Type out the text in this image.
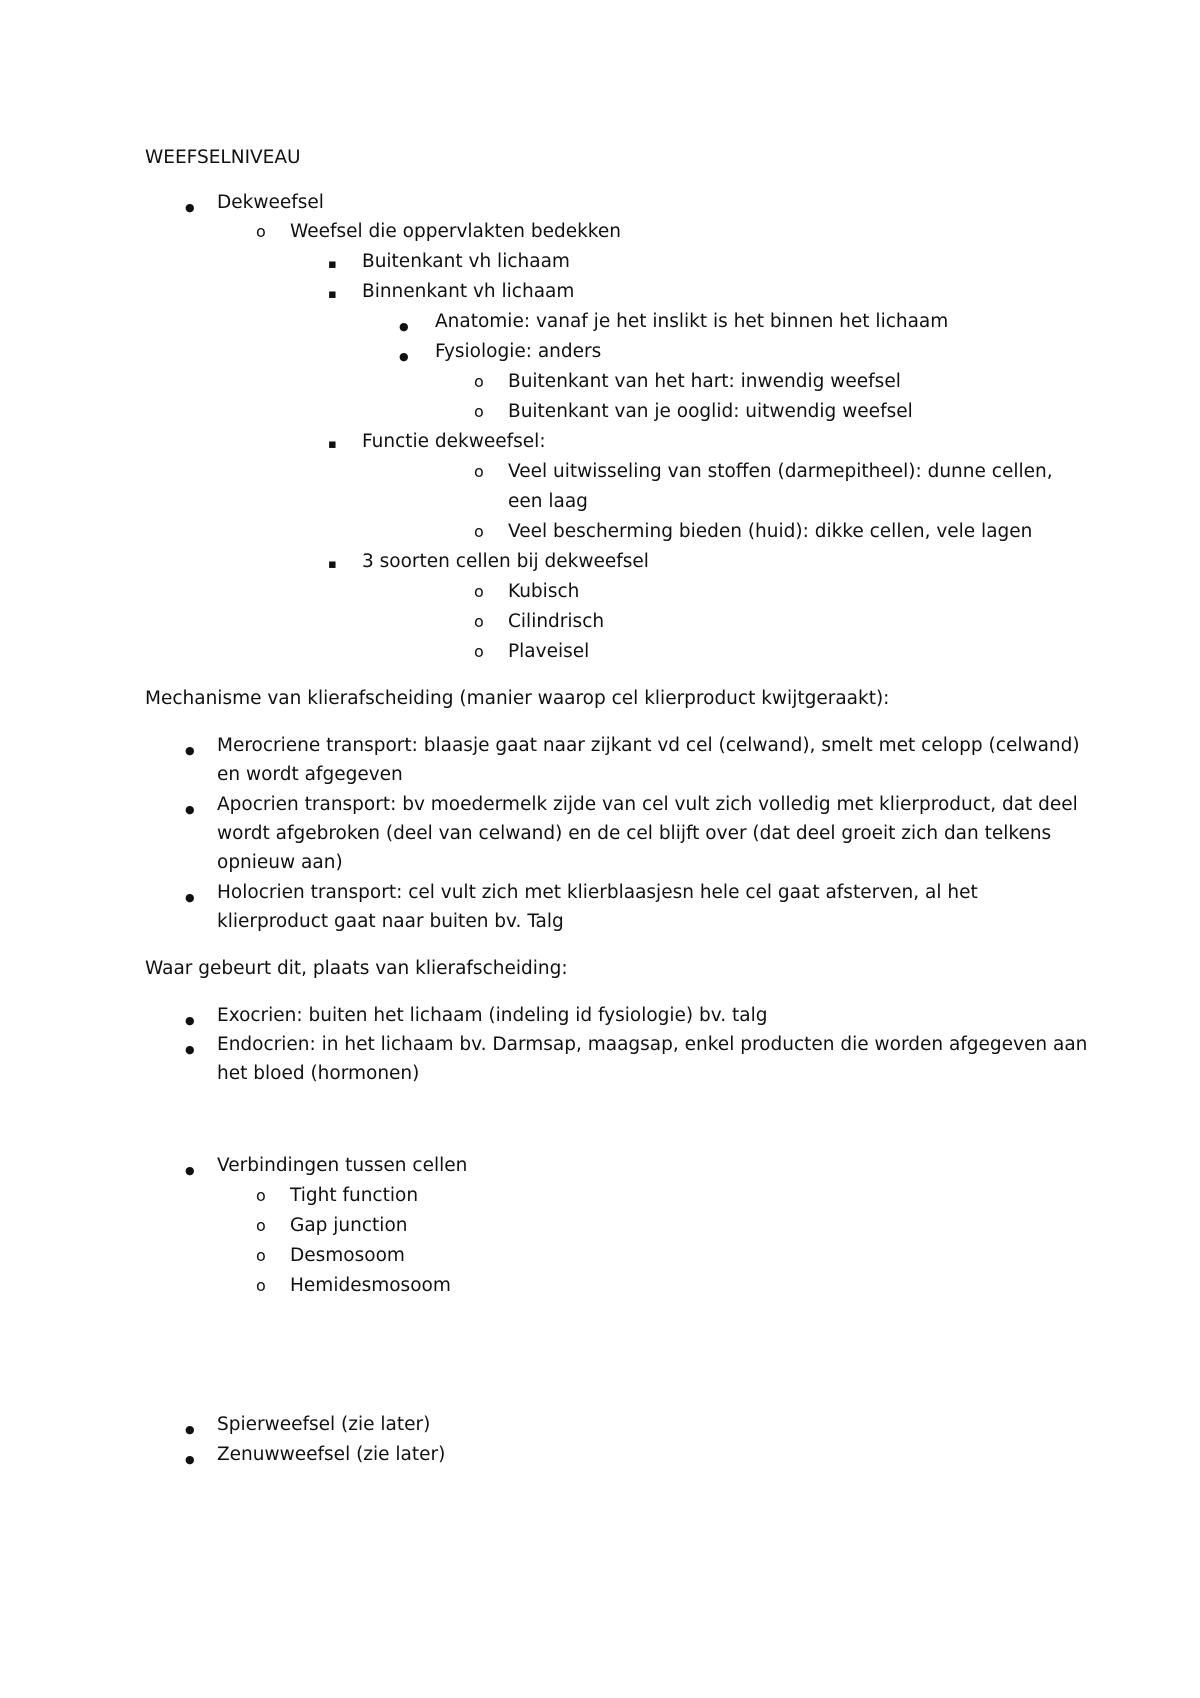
WEEFSELNIVEAU
●
Dekweefsel
o
Weefsel die oppervlakten bedekken
▪
Buitenkant vh lichaam
▪
Binnenkant vh lichaam
●
Anatomie: vanaf je het inslikt is het binnen het lichaam
●
Fysiologie: anders
o
Buitenkant van het hart: inwendig weefsel
o
Buitenkant van je ooglid: uitwendig weefsel
▪
Functie dekweefsel:
o
Veel uitwisseling van stoffen (darmepitheel): dunne cellen,
een laag
o
Veel bescherming bieden (huid): dikke cellen, vele lagen
▪
3 soorten cellen bij dekweefsel
o
Kubisch
o
Cilindrisch
o
Plaveisel
Mechanisme van klierafscheiding (manier waarop cel klierproduct kwijtgeraakt):
●
Merocriene transport: blaasje gaat naar zijkant vd cel (celwand), smelt met celopp (celwand)
en wordt afgegeven
●
Apocrien transport: bv moedermelk zijde van cel vult zich volledig met klierproduct, dat deel
wordt afgebroken (deel van celwand) en de cel blijft over (dat deel groeit zich dan telkens
opnieuw aan)
●
Holocrien transport: cel vult zich met klierblaasjesn hele cel gaat afsterven, al het
klierproduct gaat naar buiten bv. Talg
Waar gebeurt dit, plaats van klierafscheiding:
●
Exocrien: buiten het lichaam (indeling id fysiologie) bv. talg
●
Endocrien: in het lichaam bv. Darmsap, maagsap, enkel producten die worden afgegeven aan
het bloed (hormonen)
●
Verbindingen tussen cellen
o
Tight function
o
Gap junction
o
Desmosoom
o
Hemidesmosoom
●
Spierweefsel (zie later)
●
Zenuwweefsel (zie later)
